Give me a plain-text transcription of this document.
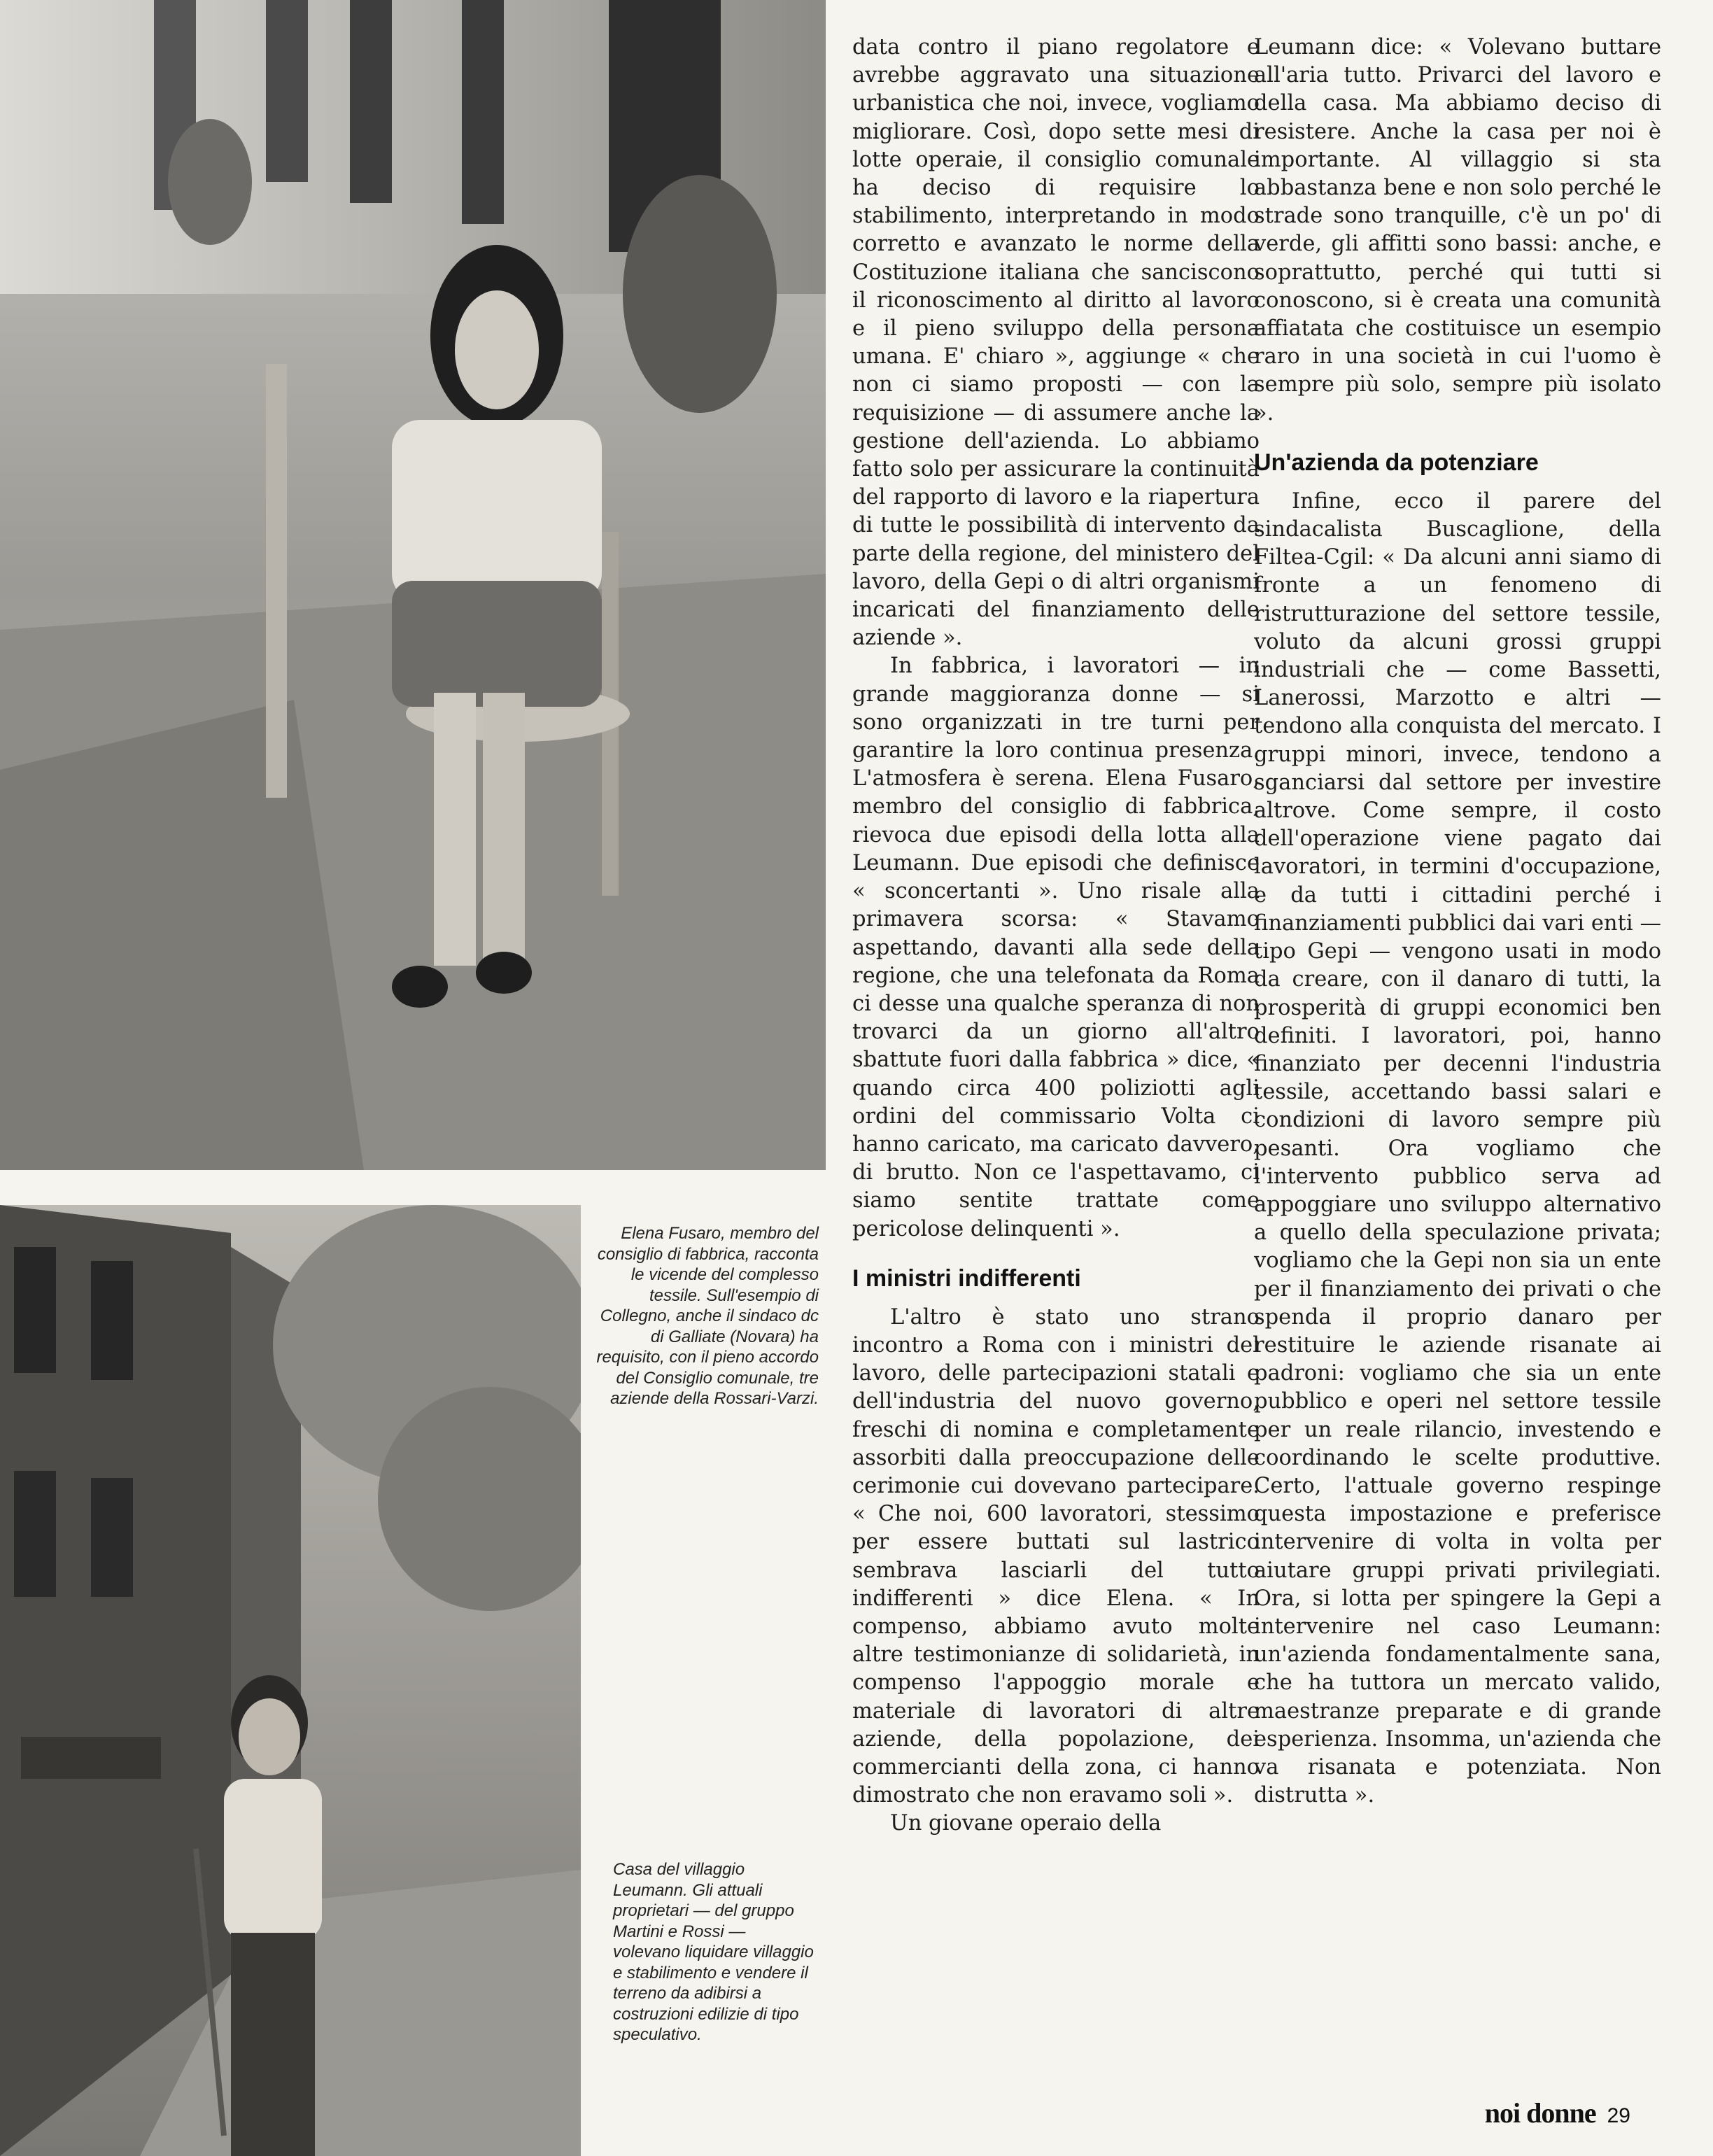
Elena Fusaro, membro del consiglio di fabbrica, racconta le vicende del complesso tessile. Sull'esempio di Collegno, anche il sindaco dc di Galliate (Novara) ha requisito, con il pieno accordo del Consiglio comunale, tre aziende della Rossari-Varzi.

Casa del villaggio Leumann. Gli attuali proprietari — del gruppo Martini e Rossi — volevano liquidare villaggio e stabilimento e vendere il terreno da adibirsi a costruzioni edilizie di tipo speculativo.

data contro il piano regolatore e avrebbe aggravato una situazione urbanistica che noi, invece, vogliamo migliorare. Così, dopo sette mesi di lotte operaie, il consiglio comunale ha deciso di requisire lo stabilimento, interpretando in modo corretto e avanzato le norme della Costituzione italiana che sanciscono il riconoscimento al diritto al lavoro e il pieno sviluppo della persona umana. E' chiaro », aggiunge « che non ci siamo proposti — con la requisizione — di assumere anche la gestione dell'azienda. Lo abbiamo fatto solo per assicurare la continuità del rapporto di lavoro e la riapertura di tutte le possibilità di intervento da parte della regione, del ministero del lavoro, della Gepi o di altri organismi incaricati del finanziamento delle aziende ».

In fabbrica, i lavoratori — in grande maggioranza donne — si sono organizzati in tre turni per garantire la loro continua presenza. L'atmosfera è serena. Elena Fusaro, membro del consiglio di fabbrica, rievoca due episodi della lotta alla Leumann. Due episodi che definisce « sconcertanti ». Uno risale alla primavera scorsa: « Stavamo aspettando, davanti alla sede della regione, che una telefonata da Roma ci desse una qualche speranza di non trovarci da un giorno all'altro sbattute fuori dalla fabbrica » dice, « quando circa 400 poliziotti agli ordini del commissario Volta ci hanno caricato, ma caricato davvero, di brutto. Non ce l'aspettavamo, ci siamo sentite trattate come pericolose delinquenti ».

I ministri indifferenti

L'altro è stato uno strano incontro a Roma con i ministri del lavoro, delle partecipazioni statali e dell'industria del nuovo governo, freschi di nomina e completamente assorbiti dalla preoccupazione delle cerimonie cui dovevano partecipare. « Che noi, 600 lavoratori, stessimo per essere buttati sul lastrico sembrava lasciarli del tutto indifferenti » dice Elena. « In compenso, abbiamo avuto molte altre testimonianze di solidarietà, in compenso l'appoggio morale e materiale di lavoratori di altre aziende, della popolazione, dei commercianti della zona, ci hanno dimostrato che non eravamo soli ».

Un giovane operaio della

Leumann dice: « Volevano buttare all'aria tutto. Privarci del lavoro e della casa. Ma abbiamo deciso di resistere. Anche la casa per noi è importante. Al villaggio si sta abbastanza bene e non solo perché le strade sono tranquille, c'è un po' di verde, gli affitti sono bassi: anche, e soprattutto, perché qui tutti si conoscono, si è creata una comunità affiatata che costituisce un esempio raro in una società in cui l'uomo è sempre più solo, sempre più isolato ».

Un'azienda da potenziare

Infine, ecco il parere del sindacalista Buscaglione, della Filtea-Cgil: « Da alcuni anni siamo di fronte a un fenomeno di ristrutturazione del settore tessile, voluto da alcuni grossi gruppi industriali che — come Bassetti, Lanerossi, Marzotto e altri — tendono alla conquista del mercato. I gruppi minori, invece, tendono a sganciarsi dal settore per investire altrove. Come sempre, il costo dell'operazione viene pagato dai lavoratori, in termini d'occupazione, e da tutti i cittadini perché i finanziamenti pubblici dai vari enti — tipo Gepi — vengono usati in modo da creare, con il danaro di tutti, la prosperità di gruppi economici ben definiti. I lavoratori, poi, hanno finanziato per decenni l'industria tessile, accettando bassi salari e condizioni di lavoro sempre più pesanti. Ora vogliamo che l'intervento pubblico serva ad appoggiare uno sviluppo alternativo a quello della speculazione privata; vogliamo che la Gepi non sia un ente per il finanziamento dei privati o che spenda il proprio danaro per restituire le aziende risanate ai padroni: vogliamo che sia un ente pubblico e operi nel settore tessile per un reale rilancio, investendo e coordinando le scelte produttive. Certo, l'attuale governo respinge questa impostazione e preferisce intervenire di volta in volta per aiutare gruppi privati privilegiati. Ora, si lotta per spingere la Gepi a intervenire nel caso Leumann: un'azienda fondamentalmente sana, che ha tuttora un mercato valido, maestranze preparate e di grande esperienza. Insomma, un'azienda che va risanata e potenziata. Non distrutta ».

noi donne 29
